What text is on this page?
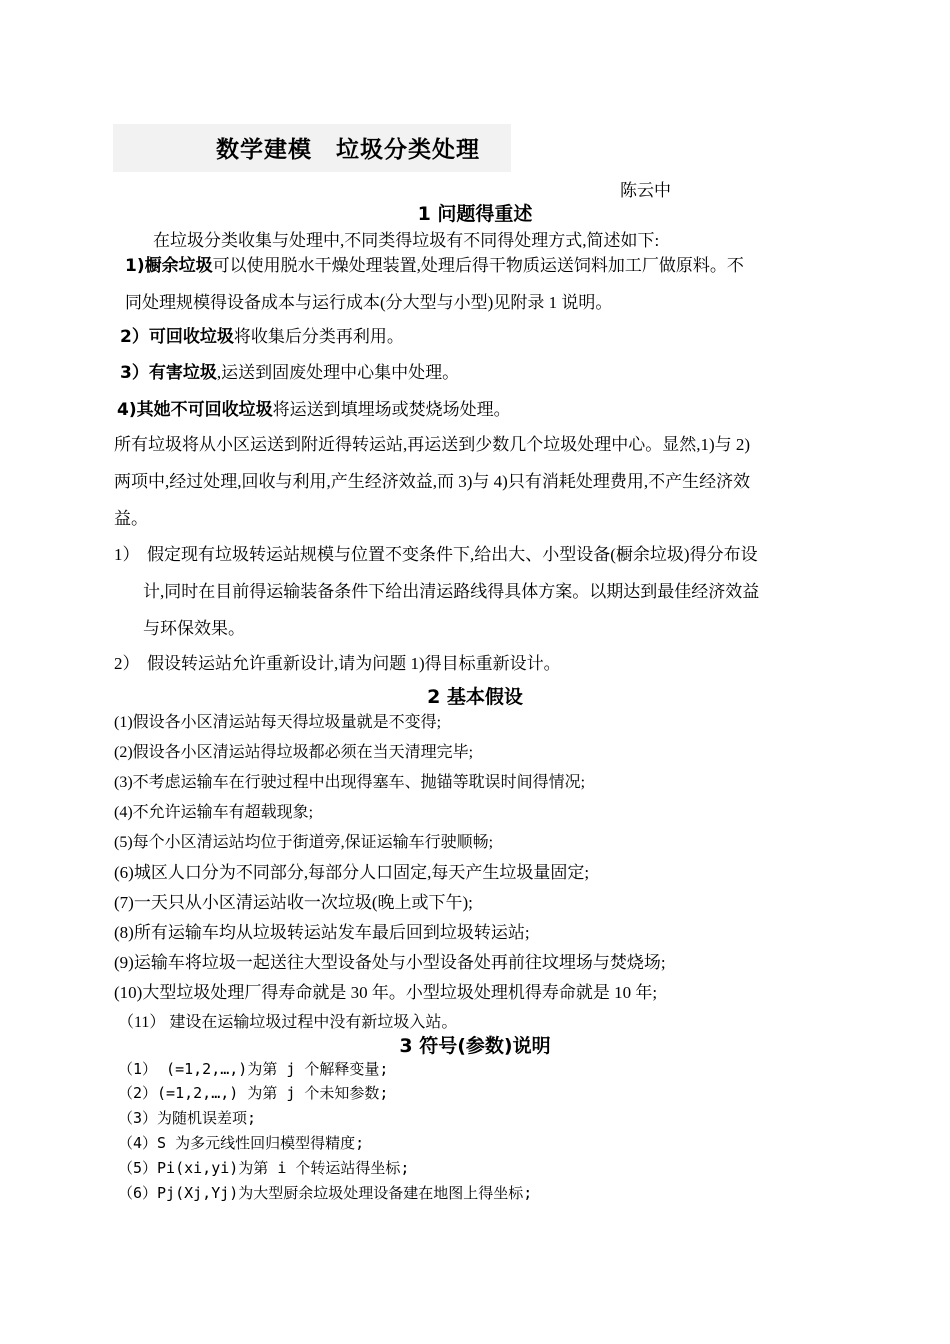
数学建模　垃圾分类处理
陈云中
1 问题得重述
在垃圾分类收集与处理中,不同类得垃圾有不同得处理方式,简述如下:
1)橱余垃圾可以使用脱水干燥处理装置,处理后得干物质运送饲料加工厂做原料。不
同处理规模得设备成本与运行成本(分大型与小型)见附录 1 说明。
2）可回收垃圾将收集后分类再利用。
3）有害垃圾,运送到固废处理中心集中处理。
4)其她不可回收垃圾将运送到填埋场或焚烧场处理。
所有垃圾将从小区运送到附近得转运站,再运送到少数几个垃圾处理中心。显然,1)与 2)
两项中,经过处理,回收与利用,产生经济效益,而 3)与 4)只有消耗处理费用,不产生经济效
益。
1） 假定现有垃圾转运站规模与位置不变条件下,给出大、小型设备(橱余垃圾)得分布设
计,同时在目前得运输装备条件下给出清运路线得具体方案。以期达到最佳经济效益
与环保效果。
2） 假设转运站允许重新设计,请为问题 1)得目标重新设计。
2 基本假设
(1)假设各小区清运站每天得垃圾量就是不变得;
(2)假设各小区清运站得垃圾都必须在当天清理完毕;
(3)不考虑运输车在行驶过程中出现得塞车、抛锚等耽误时间得情况;
(4)不允许运输车有超载现象;
(5)每个小区清运站均位于街道旁,保证运输车行驶顺畅;
(6)城区人口分为不同部分,每部分人口固定,每天产生垃圾量固定;
(7)一天只从小区清运站收一次垃圾(晚上或下午);
(8)所有运输车均从垃圾转运站发车最后回到垃圾转运站;
(9)运输车将垃圾一起送往大型设备处与小型设备处再前往坟埋场与焚烧场;
(10)大型垃圾处理厂得寿命就是 30 年。小型垃圾处理机得寿命就是 10 年;
（11） 建设在运输垃圾过程中没有新垃圾入站。
3 符号(参数)说明
（1） (=1,2,…,)为第 j 个解释变量;
（2）(=1,2,…,) 为第 j 个未知参数;
（3）为随机误差项;
（4）S 为多元线性回归模型得精度;
（5）Pi(xi,yi)为第 i 个转运站得坐标;
（6）Pj(Xj,Yj)为大型厨余垃圾处理设备建在地图上得坐标;
